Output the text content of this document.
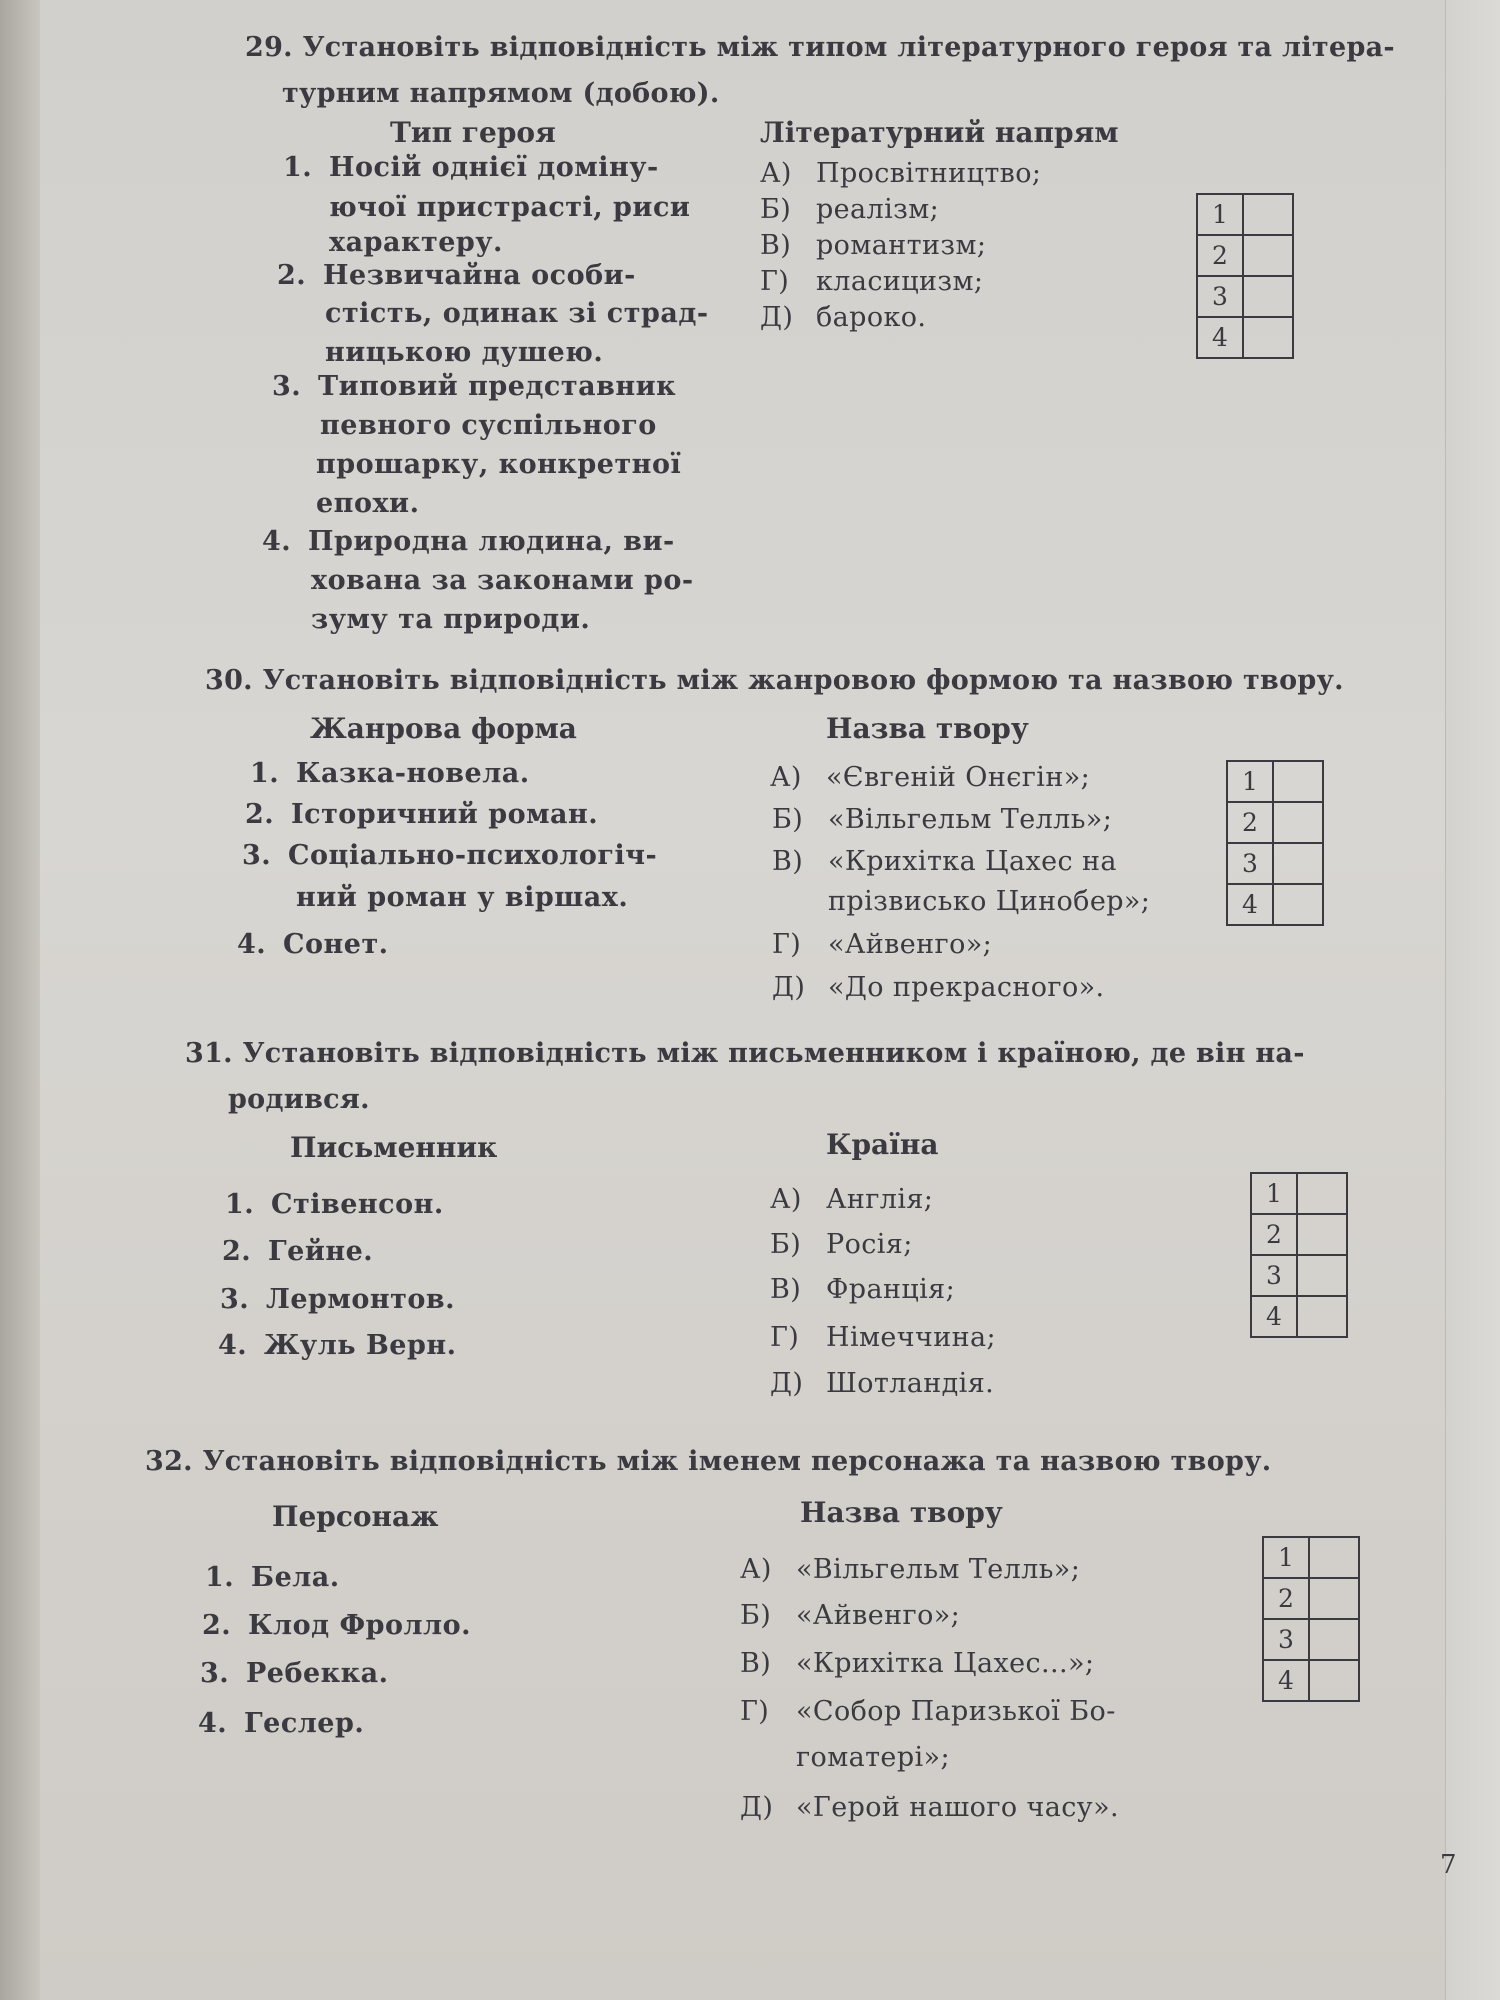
29. Установіть відповідність між типом літературного героя та літера-
турним напрямом (добою).
Тип героя	Літературний напрям
1. Носій однієї доміну-
ючої пристрасті, риси
характеру.
2. Незвичайна особи-
стість, одинак зі страд-
ницькою душею.
3. Типовий представник
певного суспільного
прошарку, конкретної
епохи.
4. Природна людина, ви-
хована за законами ро-
зуму та природи.
А) Просвітництво;
Б) реалізм;
В) романтизм;
Г) класицизм;
Д) бароко.
1	
2	
3	
4	
30. Установіть відповідність між жанровою формою та назвою твору.
Жанрова форма	Назва твору
1. Казка-новела.
2. Історичний роман.
3. Соціально-психологіч-
ний роман у віршах.
4. Сонет.
А) «Євгеній Онєгін»;
Б) «Вільгельм Телль»;
В) «Крихітка Цахес на
прізвисько Цинобер»;
Г) «Айвенго»;
Д) «До прекрасного».
1	
2	
3	
4	
31. Установіть відповідність між письменником і країною, де він на-
родився.
Письменник	Країна
1. Стівенсон.
2. Гейне.
3. Лермонтов.
4. Жуль Верн.
А) Англія;
Б) Росія;
В) Франція;
Г) Німеччина;
Д) Шотландія.
1	
2	
3	
4	
32. Установіть відповідність між іменем персонажа та назвою твору.
Персонаж	Назва твору
1. Бела.
2. Клод Фролло.
3. Ребекка.
4. Геслер.
А) «Вільгельм Телль»;
Б) «Айвенго»;
В) «Крихітка Цахес...»;
Г) «Собор Паризької Бо-
гоматері»;
Д) «Герой нашого часу».
1	
2	
3	
4	
7
